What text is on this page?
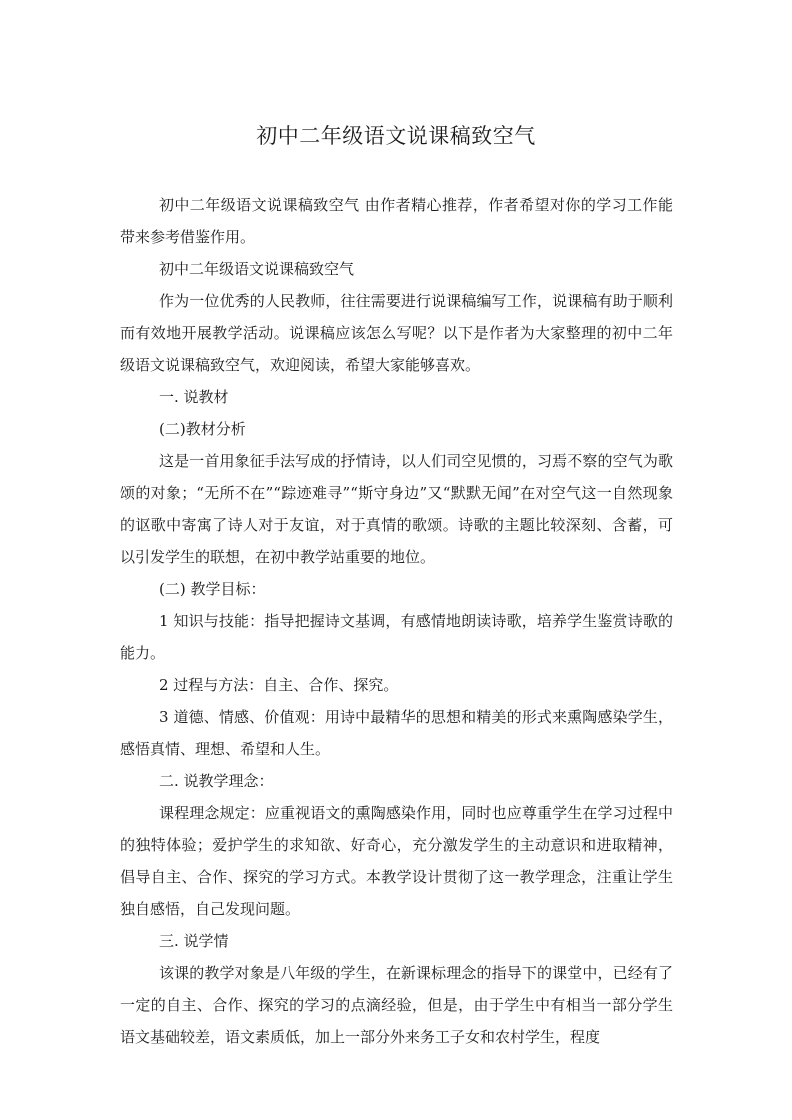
初中二年级语文说课稿致空气

初中二年级语文说课稿致空气 由作者精心推荐，作者希望对你的学习工作能带来参考借鉴作用。

初中二年级语文说课稿致空气

作为一位优秀的人民教师，往往需要进行说课稿编写工作，说课稿有助于顺利而有效地开展教学活动。说课稿应该怎么写呢？以下是作者为大家整理的初中二年级语文说课稿致空气，欢迎阅读，希望大家能够喜欢。

一. 说教材

(二)教材分析

这是一首用象征手法写成的抒情诗，以人们司空见惯的，习焉不察的空气为歌颂的对象；“无所不在”“踪迹难寻”“斯守身边”又“默默无闻”在对空气这一自然现象的讴歌中寄寓了诗人对于友谊，对于真情的歌颂。诗歌的主题比较深刻、含蓄，可以引发学生的联想，在初中教学站重要的地位。

(二) 教学目标：

1 知识与技能：指导把握诗文基调，有感情地朗读诗歌，培养学生鉴赏诗歌的能力。

2 过程与方法：自主、合作、探究。

3 道德、情感、价值观：用诗中最精华的思想和精美的形式来熏陶感染学生，感悟真情、理想、希望和人生。

二. 说教学理念：

课程理念规定：应重视语文的熏陶感染作用，同时也应尊重学生在学习过程中的独特体验；爱护学生的求知欲、好奇心，充分激发学生的主动意识和进取精神，倡导自主、合作、探究的学习方式。本教学设计贯彻了这一教学理念，注重让学生独自感悟，自己发现问题。

三. 说学情

该课的教学对象是八年级的学生，在新课标理念的指导下的课堂中，已经有了一定的自主、合作、探究的学习的点滴经验，但是，由于学生中有相当一部分学生语文基础较差，语文素质低，加上一部分外来务工子女和农村学生，程度
